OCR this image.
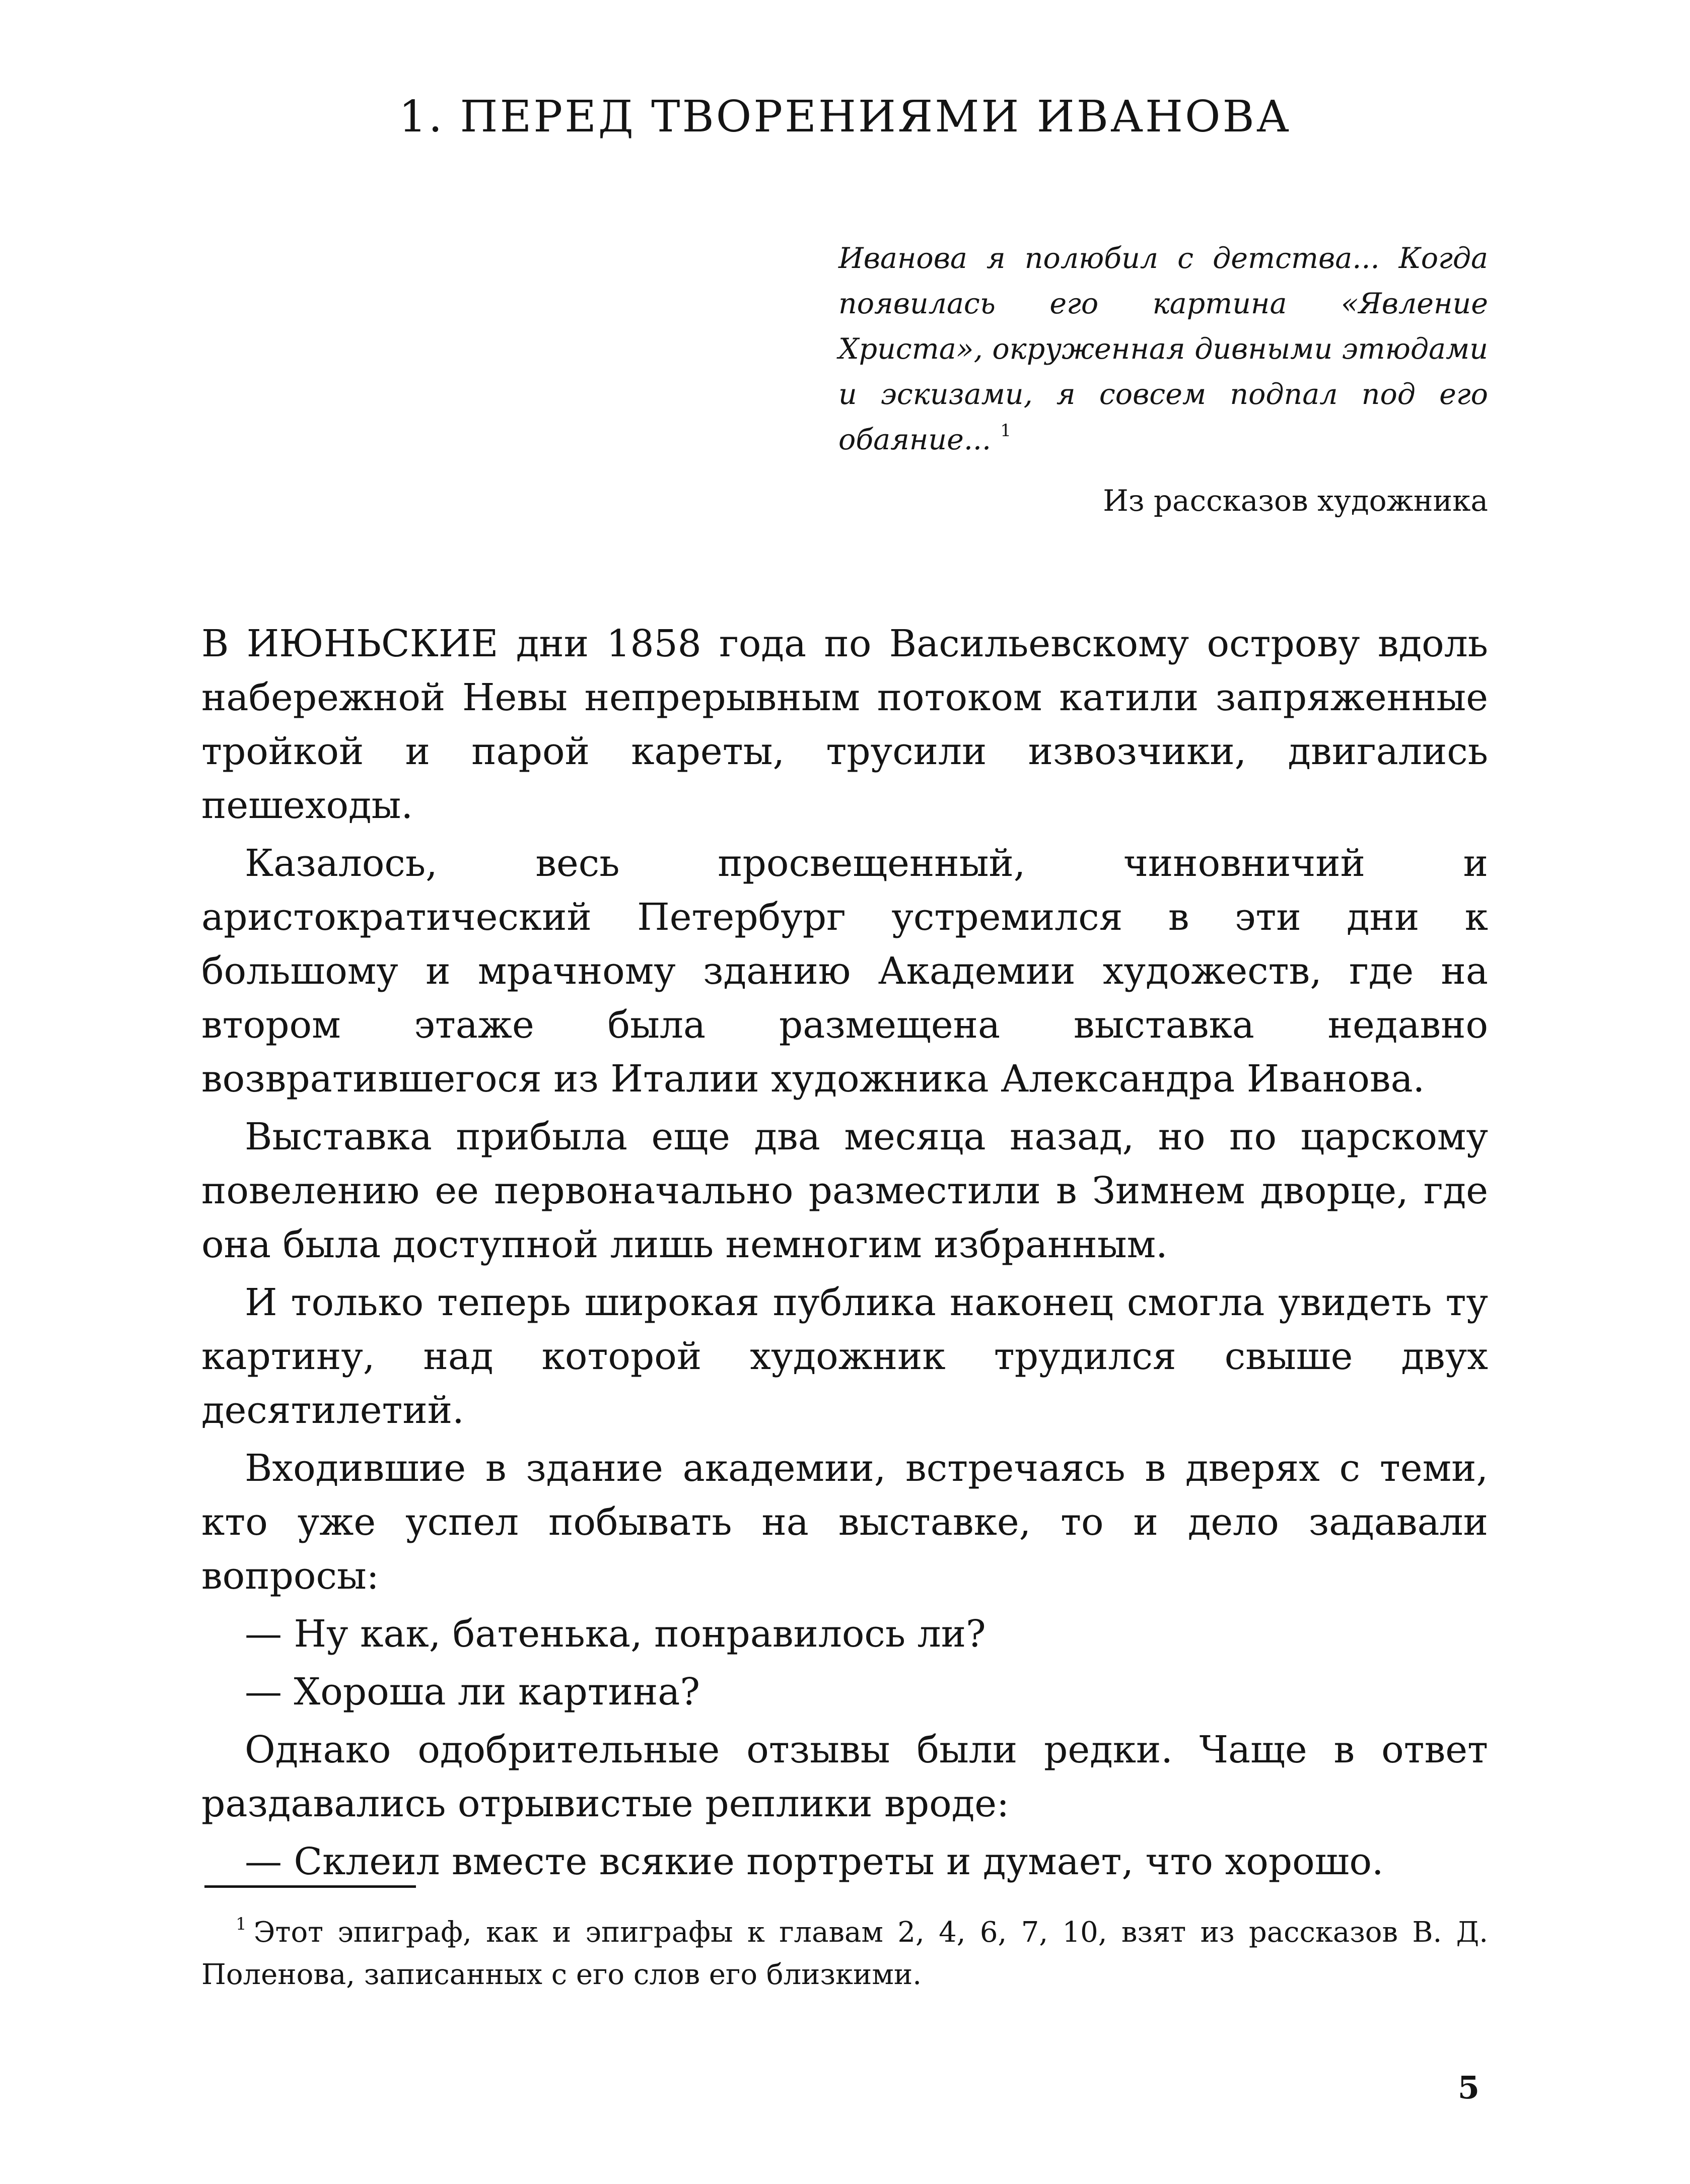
1. ПЕРЕД ТВОРЕНИЯМИ ИВАНОВА

Иванова я полюбил с детства... Когда появилась его картина «Явление Христа», окруженная дивными этюдами и эскизами, я совсем подпал под его обаяние... $^1$

Из рассказов художника

В ИЮНЬСКИЕ дни 1858 года по Васильевскому острову вдоль набережной Невы непрерывным потоком катили запряженные тройкой и парой кареты, трусили извозчики, двигались пешеходы.

Казалось, весь просвещенный, чиновничий и аристократический Петербург устремился в эти дни к большому и мрачному зданию Академии художеств, где на втором этаже была размещена выставка недавно возвратившегося из Италии художника Александра Иванова.

Выставка прибыла еще два месяца назад, но по царскому повелению ее первоначально разместили в Зимнем дворце, где она была доступной лишь немногим избранным.

И только теперь широкая публика наконец смогла увидеть ту картину, над которой художник трудился свыше двух десятилетий.

Входившие в здание академии, встречаясь в дверях с теми, кто уже успел побывать на выставке, то и дело задавали вопросы:

— Ну как, батенька, понравилось ли?

— Хороша ли картина?

Однако одобрительные отзывы были редки. Чаще в ответ раздавались отрывистые реплики вроде:

— Склеил вместе всякие портреты и думает, что хорошо.

$^1$ Этот эпиграф, как и эпиграфы к главам 2, 4, 6, 7, 10, взят из рассказов В. Д. Поленова, записанных с его слов его близкими.

5
